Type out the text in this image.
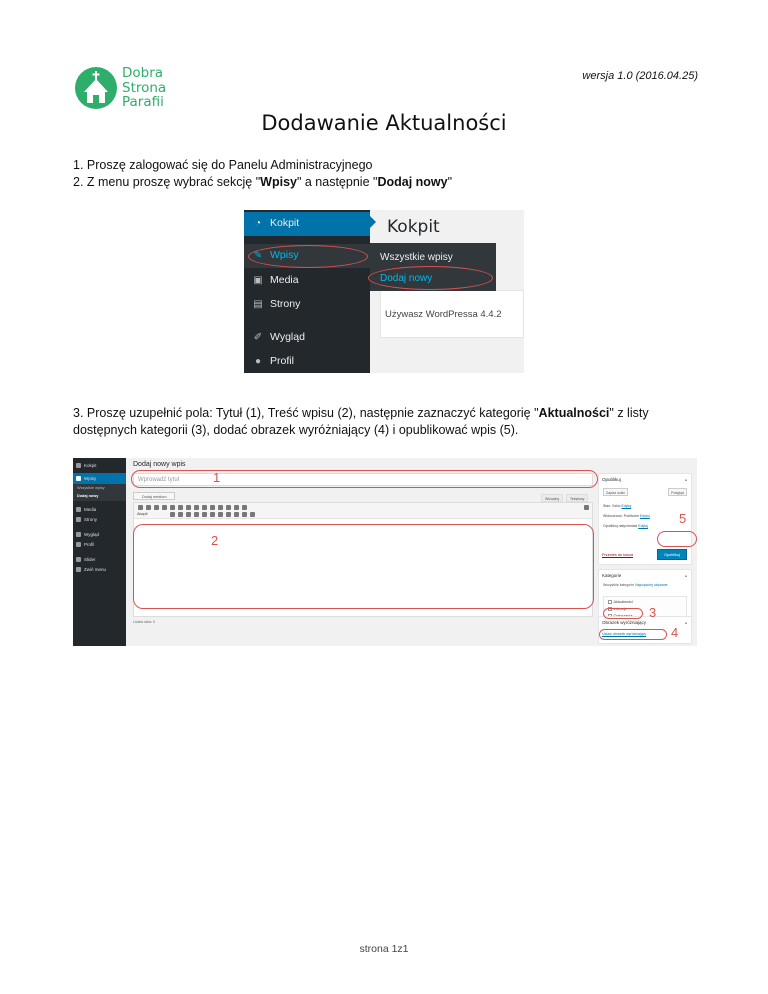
Dobra
Strona
Parafii
wersja 1.0 (2016.04.25)
Dodawanie Aktualności
1. Proszę zalogować się do Panelu Administracyjnego
2. Z menu proszę wybrać sekcję "Wpisy" a następnie "Dodaj nowy"
◔ Kokpit
✎ Wpisy
▣ Media
▤ Strony
✐ Wygląd
● Profil
Kokpit
Używasz WordPressa 4.4.2
Wszystkie wpisy
Dodaj nowy
3. Proszę uzupełnić pola: Tytuł (1), Treść wpisu (2), następnie zaznaczyć kategorię "Aktualności" z listy dostępnych kategorii (3), dodać obrazek wyróżniający (4) i opublikować wpis (5).
Kokpit
Wpisy
Wszystkie wpisy
Dodaj nowy
Media
Strony
Wygląd
Profil
Slider
Zwiń menu
Dodaj nowy wpis
Wprowadź tytuł
Dodaj medium
Wizualny	Tekstowy
Akapit
Liczba słów: 0
Opublikuj	▲
Zapisz szkic	Podgląd
Stan: Szkic Edytuj
Widoczność: Publiczne Edytuj
Opublikuj natychmiast Edytuj
Przenieś do kosza	Opublikuj
Kategorie	▲
Wszystkie kategorie Najczęściej używane
Aktualności
Intencje
Obrazek wyróżniający	▲
Ustaw obrazek wyróżniający
1
2
3
4
5
strona 1z1
